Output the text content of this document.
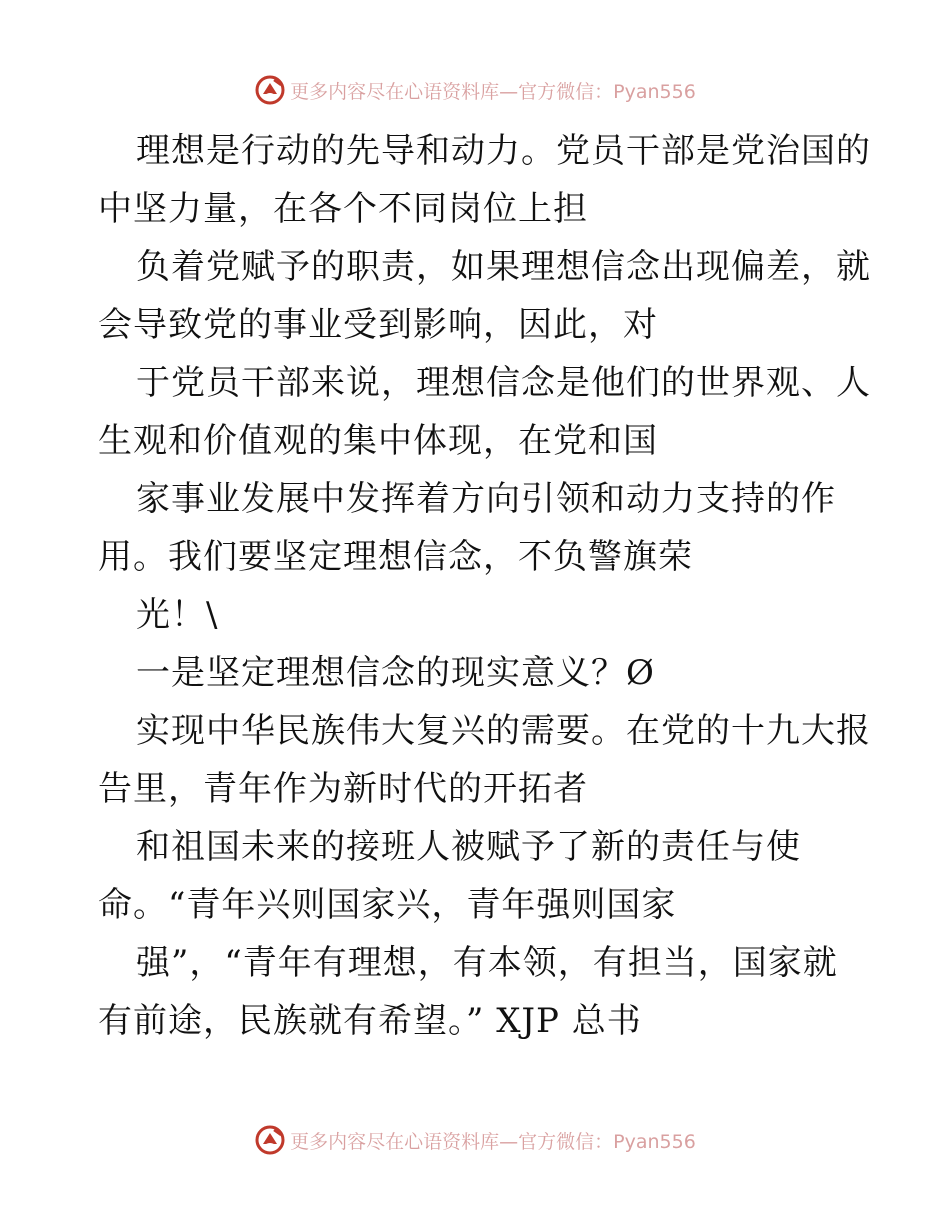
更多内容尽在心语资料库—官方微信：Pyan556
理想是行动的先导和动力。党员干部是党治国的
中坚力量，在各个不同岗位上担
负着党赋予的职责，如果理想信念出现偏差，就
会导致党的事业受到影响，因此，对
于党员干部来说，理想信念是他们的世界观、人
生观和价值观的集中体现，在党和国
家事业发展中发挥着方向引领和动力支持的作
用。我们要坚定理想信念，不负警旗荣
光！\
一是坚定理想信念的现实意义？Ø
实现中华民族伟大复兴的需要。在党的十九大报
告里，青年作为新时代的开拓者
和祖国未来的接班人被赋予了新的责任与使
命。“青年兴则国家兴，青年强则国家
强”，“青年有理想，有本领，有担当，国家就
有前途，民族就有希望。” XJP 总书
更多内容尽在心语资料库—官方微信：Pyan556
